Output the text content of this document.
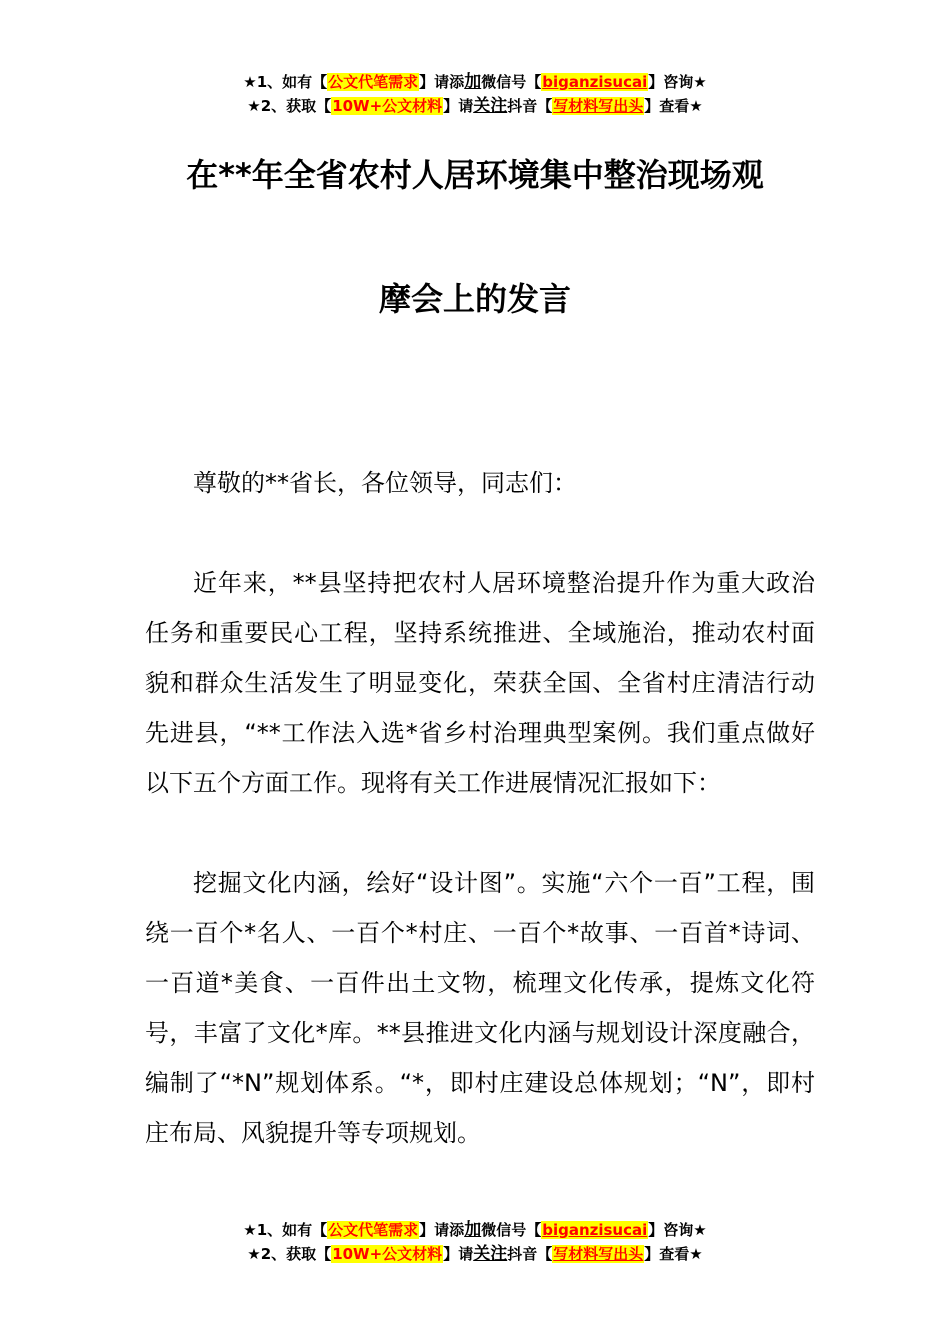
★1、如有【公文代笔需求】请添加微信号【biganzisucai】咨询★
★2、获取【10W+公文材料】请关注抖音【写材料写出头】查看★
在**年全省农村人居环境集中整治现场观
摩会上的发言

尊敬的**省长，各位领导，同志们：

近年来，**县坚持把农村人居环境整治提升作为重大政治任务和重要民心工程，坚持系统推进、全域施治，推动农村面貌和群众生活发生了明显变化，荣获全国、全省村庄清洁行动先进县，“**工作法入选*省乡村治理典型案例。我们重点做好以下五个方面工作。现将有关工作进展情况汇报如下：

挖掘文化内涵，绘好“设计图”。实施“六个一百”工程，围绕一百个*名人、一百个*村庄、一百个*故事、一百首*诗词、一百道*美食、一百件出土文物，梳理文化传承，提炼文化符号，丰富了文化*库。**县推进文化内涵与规划设计深度融合，编制了“*N”规划体系。“*，即村庄建设总体规划；“N”，即村庄布局、风貌提升等专项规划。

★1、如有【公文代笔需求】请添加微信号【biganzisucai】咨询★
★2、获取【10W+公文材料】请关注抖音【写材料写出头】查看★
